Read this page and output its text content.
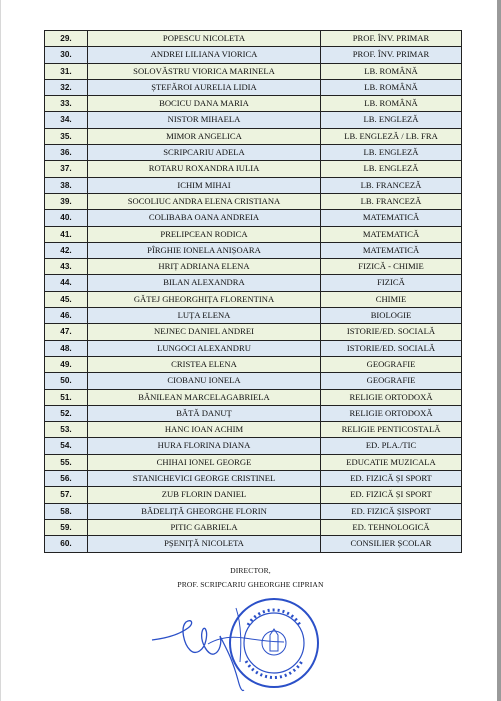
29.	POPESCU NICOLETA	PROF. ÎNV. PRIMAR
30.	ANDREI LILIANA VIORICA	PROF. ÎNV. PRIMAR
31.	SOLOVĂSTRU VIORICA MARINELA	LB. ROMÂNĂ
32.	ȘTEFĂROI AURELIA LIDIA	LB. ROMÂNĂ
33.	BOCICU DANA MARIA	LB. ROMÂNĂ
34.	NISTOR MIHAELA	LB. ENGLEZĂ
35.	MIMOR ANGELICA	LB. ENGLEZĂ / LB. FRA
36.	SCRIPCARIU ADELA	LB. ENGLEZĂ
37.	ROTARU ROXANDRA IULIA	LB. ENGLEZĂ
38.	ICHIM MIHAI	LB. FRANCEZĂ
39.	SOCOLIUC ANDRA ELENA CRISTIANA	LB. FRANCEZĂ
40.	COLIBABA OANA ANDREIA	MATEMATICĂ
41.	PRELIPCEAN RODICA	MATEMATICĂ
42.	PÎRGHIE IONELA ANIȘOARA	MATEMATICĂ
43.	HRIȚ ADRIANA ELENA	FIZICĂ - CHIMIE
44.	BILAN ALEXANDRA	FIZICĂ
45.	GĂTEJ GHEORGHIȚA FLORENTINA	CHIMIE
46.	LUȚA ELENA	BIOLOGIE
47.	NEJNEC DANIEL ANDREI	ISTORIE/ED. SOCIALĂ
48.	LUNGOCI ALEXANDRU	ISTORIE/ED. SOCIALĂ
49.	CRISTEA ELENA	GEOGRAFIE
50.	CIOBANU IONELA	GEOGRAFIE
51.	BĂNILEAN MARCELAGABRIELA	RELIGIE ORTODOXĂ
52.	BĂTĂ DANUȚ	RELIGIE ORTODOXĂ
53.	HANC IOAN ACHIM	RELIGIE PENTICOSTALĂ
54.	HURA FLORINA DIANA	ED. PLA./TIC
55.	CHIHAI IONEL GEORGE	EDUCATIE MUZICALA
56.	STANICHEVICI GEORGE CRISTINEL	ED. FIZICĂ ȘI SPORT
57.	ZUB FLORIN DANIEL	ED. FIZICĂ ȘI SPORT
58.	BĂDELIȚĂ GHEORGHE FLORIN	ED. FIZICĂ ȘISPORT
59.	PITIC GABRIELA	ED. TEHNOLOGICĂ
60.	PȘENIȚĂ NICOLETA	CONSILIER ȘCOLAR
DIRECTOR,
PROF. SCRIPCARIU GHEORGHE CIPRIAN
